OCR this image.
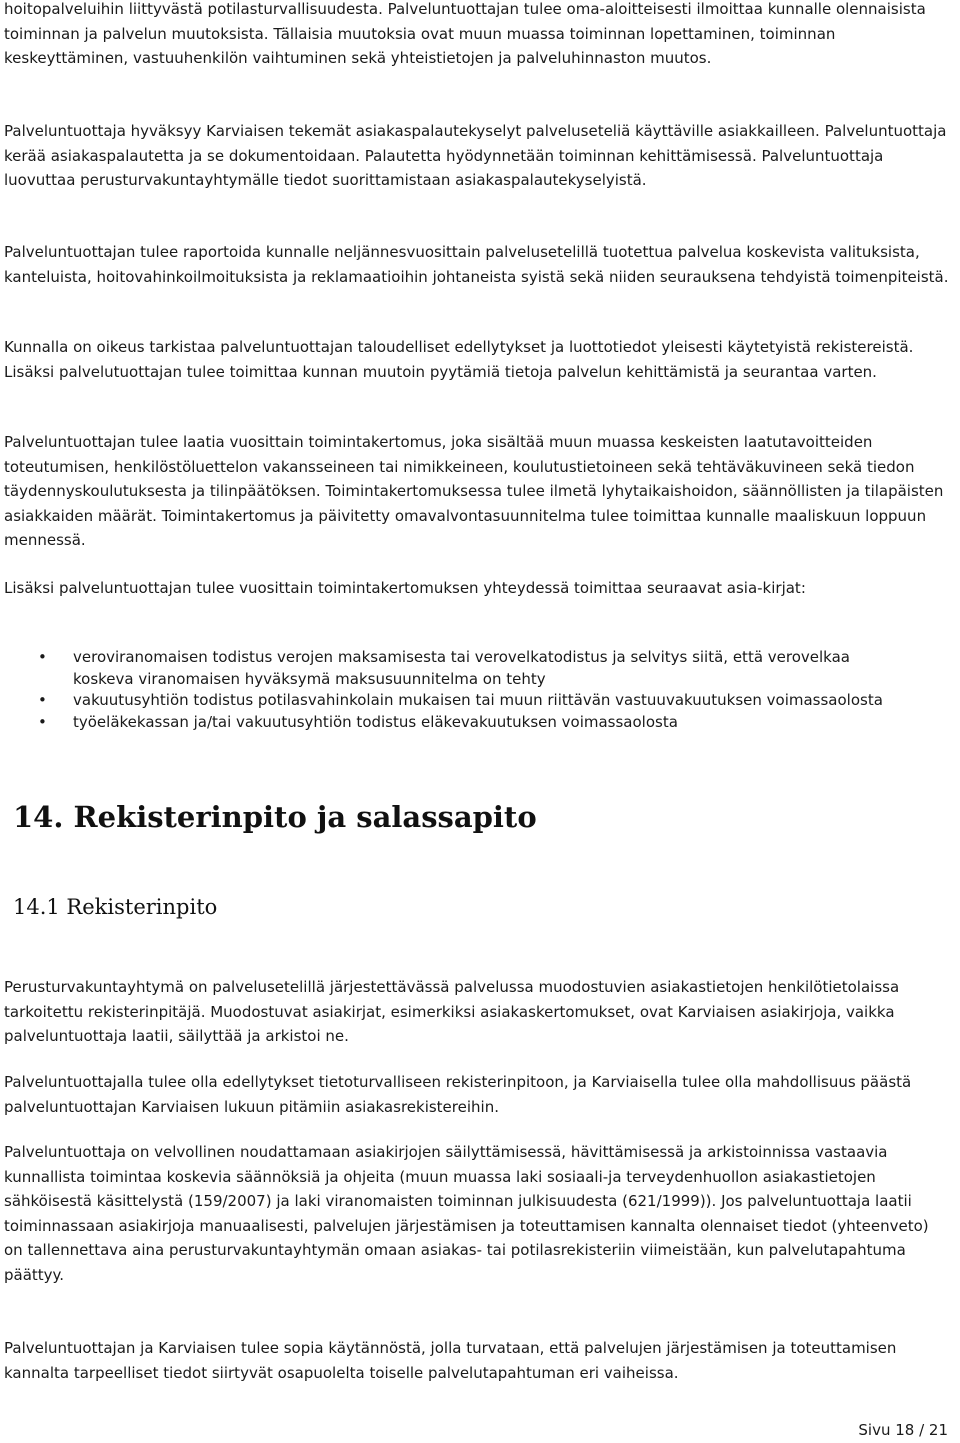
hoitopalveluihin liittyvästä potilasturvallisuudesta. Palveluntuottajan tulee oma-aloitteisesti ilmoittaa kunnalle olennaisista toiminnan ja palvelun muutoksista. Tällaisia muutoksia ovat muun muassa toiminnan lopettaminen, toiminnan keskeyttäminen, vastuuhenkilön vaihtuminen sekä yhteistietojen ja palveluhinnaston muutos.

Palveluntuottaja hyväksyy Karviaisen tekemät asiakaspalautekyselyt palveluseteliä käyttäville asiakkailleen. Palveluntuottaja kerää asiakaspalautetta ja se dokumentoidaan. Palautetta hyödynnetään toiminnan kehittämisessä. Palveluntuottaja luovuttaa perusturvakuntayhtymälle tiedot suorittamistaan asiakaspalautekyselyistä.

Palveluntuottajan tulee raportoida kunnalle neljännesvuosittain palvelusetelillä tuotettua palvelua koskevista valituksista, kanteluista, hoitovahinkoilmoituksista ja reklamaatioihin johtaneista syistä sekä niiden seurauksena tehdyistä toimenpiteistä.

Kunnalla on oikeus tarkistaa palveluntuottajan taloudelliset edellytykset ja luottotiedot yleisesti käytetyistä rekistereistä. Lisäksi palvelutuottajan tulee toimittaa kunnan muutoin pyytämiä tietoja palvelun kehittämistä ja seurantaa varten.

Palveluntuottajan tulee laatia vuosittain toimintakertomus, joka sisältää muun muassa keskeisten laatutavoitteiden toteutumisen, henkilöstöluettelon vakansseineen tai nimikkeineen, koulutustietoineen sekä tehtäväkuvineen sekä tiedon täydennyskoulutuksesta ja tilinpäätöksen. Toimintakertomuksessa tulee ilmetä lyhytaikaishoidon, säännöllisten ja tilapäisten asiakkaiden määrät. Toimintakertomus ja päivitetty omavalvontasuunnitelma tulee toimittaa kunnalle maaliskuun loppuun mennessä.

Lisäksi palveluntuottajan tulee vuosittain toimintakertomuksen yhteydessä toimittaa seuraavat asia-kirjat:

• veroviranomaisen todistus verojen maksamisesta tai verovelkatodistus ja selvitys siitä, että verovelkaa koskeva viranomaisen hyväksymä maksusuunnitelma on tehty
• vakuutusyhtiön todistus potilasvahinkolain mukaisen tai muun riittävän vastuuvakuutuksen voimassaolosta
• työeläkekassan ja/tai vakuutusyhtiön todistus eläkevakuutuksen voimassaolosta
14. Rekisterinpito ja salassapito
14.1 Rekisterinpito

Perusturvakuntayhtymä on palvelusetelillä järjestettävässä palvelussa muodostuvien asiakastietojen henkilötietolaissa tarkoitettu rekisterinpitäjä. Muodostuvat asiakirjat, esimerkiksi asiakaskertomukset, ovat Karviaisen asiakirjoja, vaikka palveluntuottaja laatii, säilyttää ja arkistoi ne.

Palveluntuottajalla tulee olla edellytykset tietoturvalliseen rekisterinpitoon, ja Karviaisella tulee olla mahdollisuus päästä palveluntuottajan Karviaisen lukuun pitämiin asiakasrekistereihin.

Palveluntuottaja on velvollinen noudattamaan asiakirjojen säilyttämisessä, hävittämisessä ja arkistoinnissa vastaavia kunnallista toimintaa koskevia säännöksiä ja ohjeita (muun muassa laki sosiaali-ja terveydenhuollon asiakastietojen sähköisestä käsittelystä (159/2007) ja laki viranomaisten toiminnan julkisuudesta (621/1999)). Jos palveluntuottaja laatii toiminnassaan asiakirjoja manuaalisesti, palvelujen järjestämisen ja toteuttamisen kannalta olennaiset tiedot (yhteenveto) on tallennettava aina perusturvakuntayhtymän omaan asiakas- tai potilasrekisteriin viimeistään, kun palvelutapahtuma päättyy.

Palveluntuottajan ja Karviaisen tulee sopia käytännöstä, jolla turvataan, että palvelujen järjestämisen ja toteuttamisen kannalta tarpeelliset tiedot siirtyvät osapuolelta toiselle palvelutapahtuman eri vaiheissa.

Sivu 18 / 21
